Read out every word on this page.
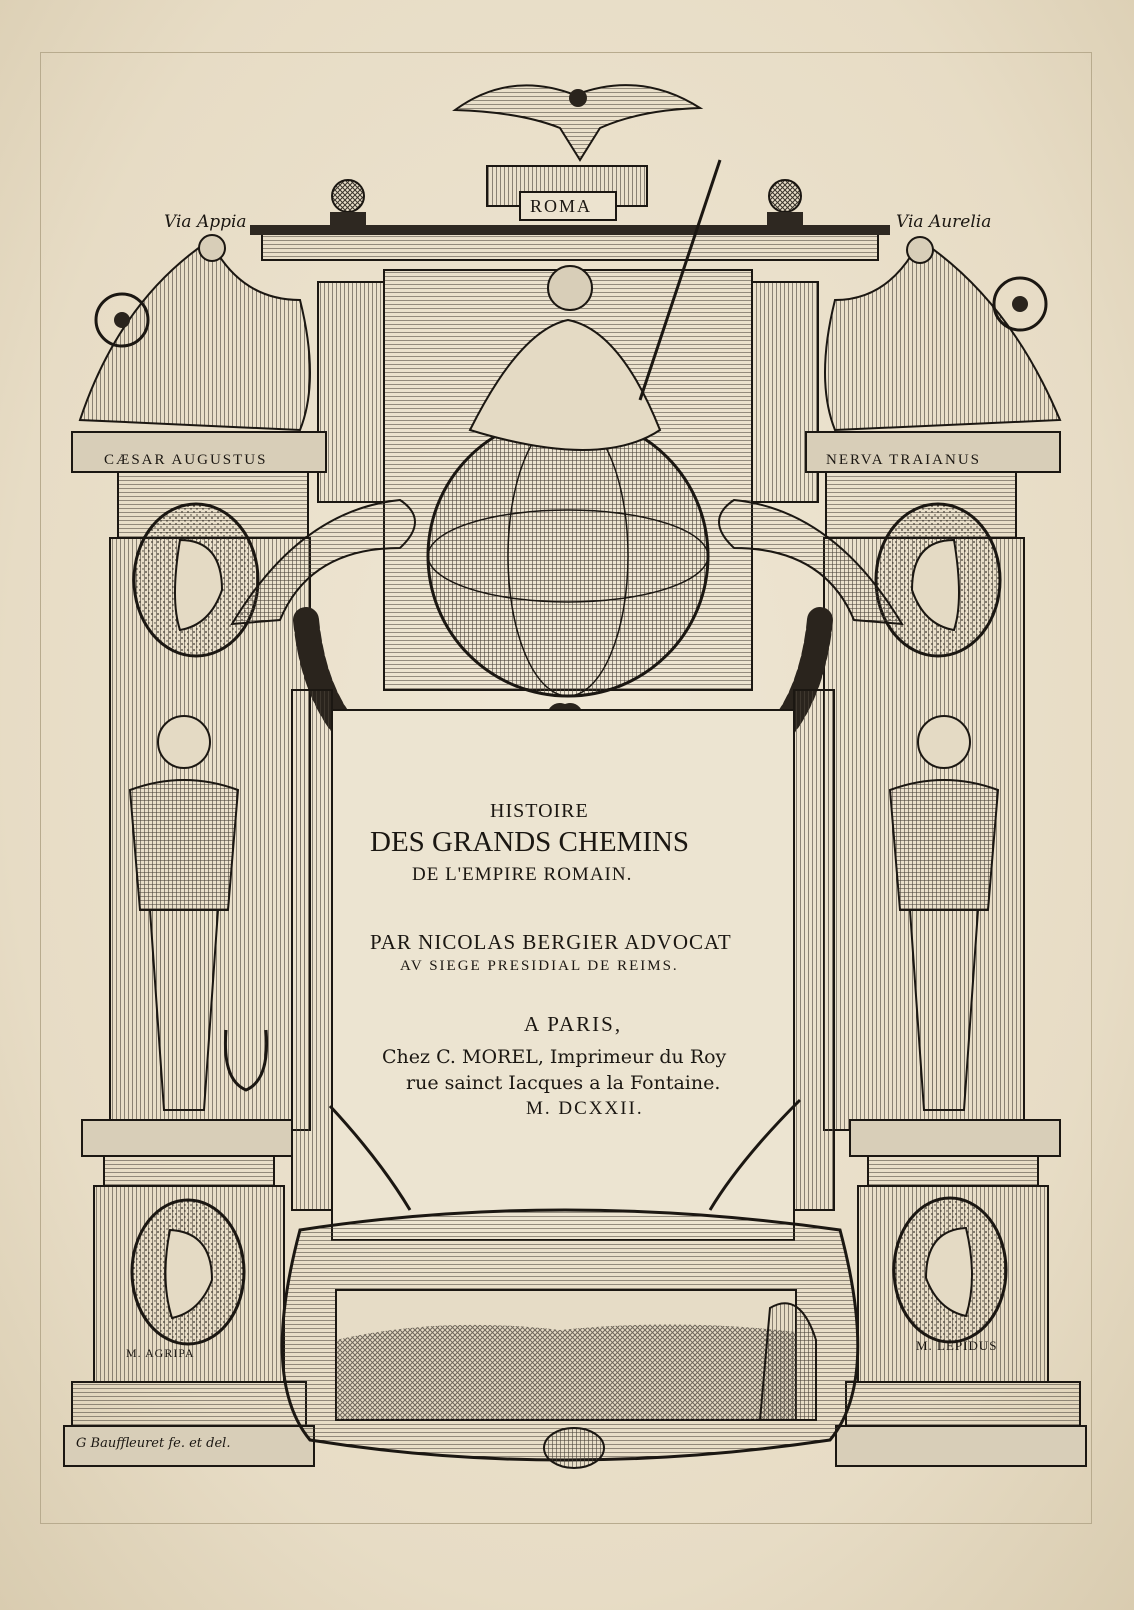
Via Appia	Via Aurelia
ROMA
CÆSAR AUGUSTUS	NERVA TRAIANUS
M. AGRIPA	M. LEPIDUS
G Bauffleuret fe. et del.
HISTOIRE
DES GRANDS CHEMINS
DE L'EMPIRE ROMAIN.
PAR NICOLAS BERGIER ADVOCAT
AV SIEGE PRESIDIAL DE REIMS.
A PARIS,
Chez C. MOREL, Imprimeur du Roy
rue sainct Iacques a la Fontaine.
M. DCXXII.
